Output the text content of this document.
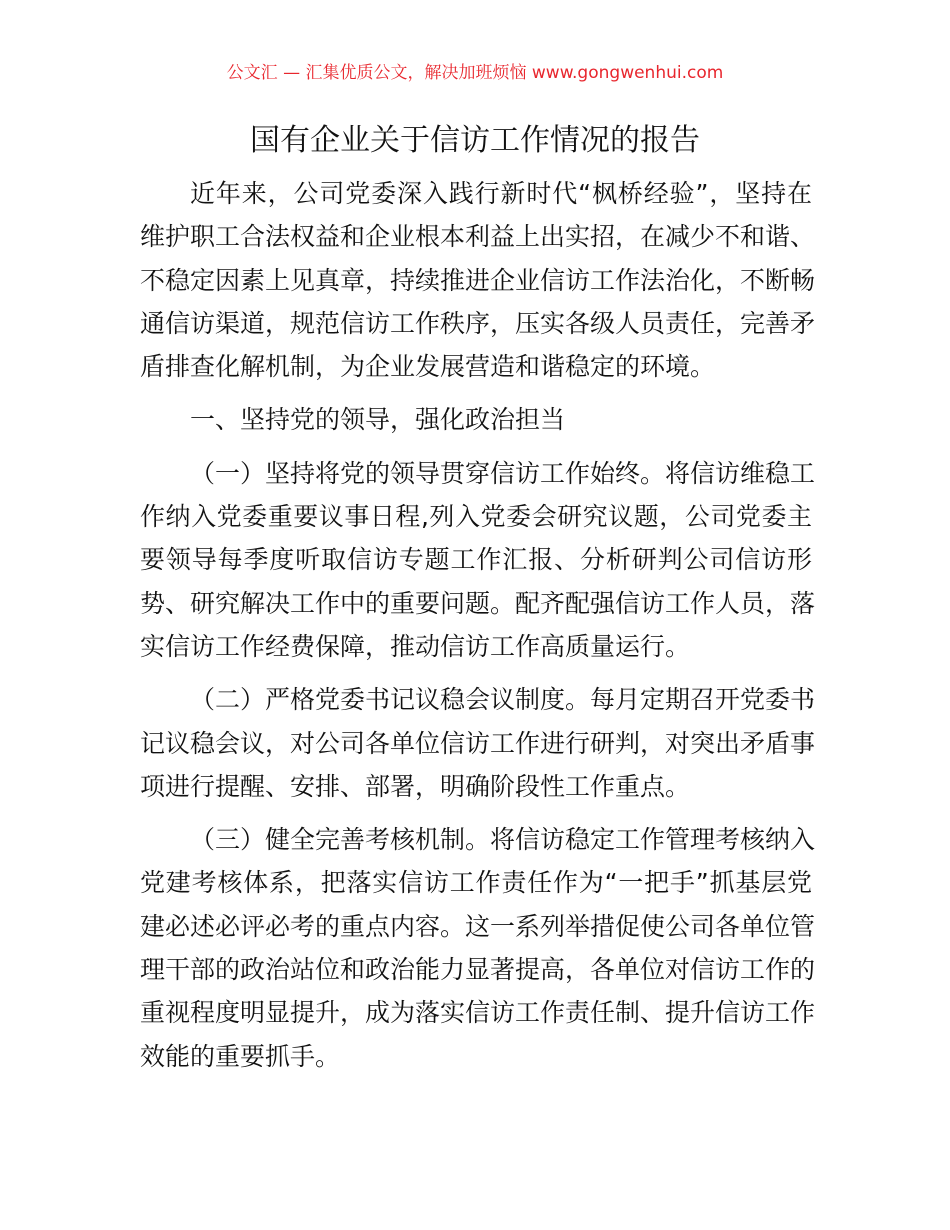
公文汇 — 汇集优质公文，解决加班烦恼 www.gongwenhui.com
国有企业关于信访工作情况的报告
近年来，公司党委深入践行新时代“枫桥经验”，坚持在
维护职工合法权益和企业根本利益上出实招，在减少不和谐、
不稳定因素上见真章，持续推进企业信访工作法治化，不断畅
通信访渠道，规范信访工作秩序，压实各级人员责任，完善矛
盾排查化解机制，为企业发展营造和谐稳定的环境。
一、坚持党的领导，强化政治担当
（一）坚持将党的领导贯穿信访工作始终。将信访维稳工
作纳入党委重要议事日程,列入党委会研究议题，公司党委主
要领导每季度听取信访专题工作汇报、分析研判公司信访形
势、研究解决工作中的重要问题。配齐配强信访工作人员，落
实信访工作经费保障，推动信访工作高质量运行。
（二）严格党委书记议稳会议制度。每月定期召开党委书
记议稳会议，对公司各单位信访工作进行研判，对突出矛盾事
项进行提醒、安排、部署，明确阶段性工作重点。
（三）健全完善考核机制。将信访稳定工作管理考核纳入
党建考核体系，把落实信访工作责任作为“一把手”抓基层党
建必述必评必考的重点内容。这一系列举措促使公司各单位管
理干部的政治站位和政治能力显著提高，各单位对信访工作的
重视程度明显提升，成为落实信访工作责任制、提升信访工作
效能的重要抓手。
